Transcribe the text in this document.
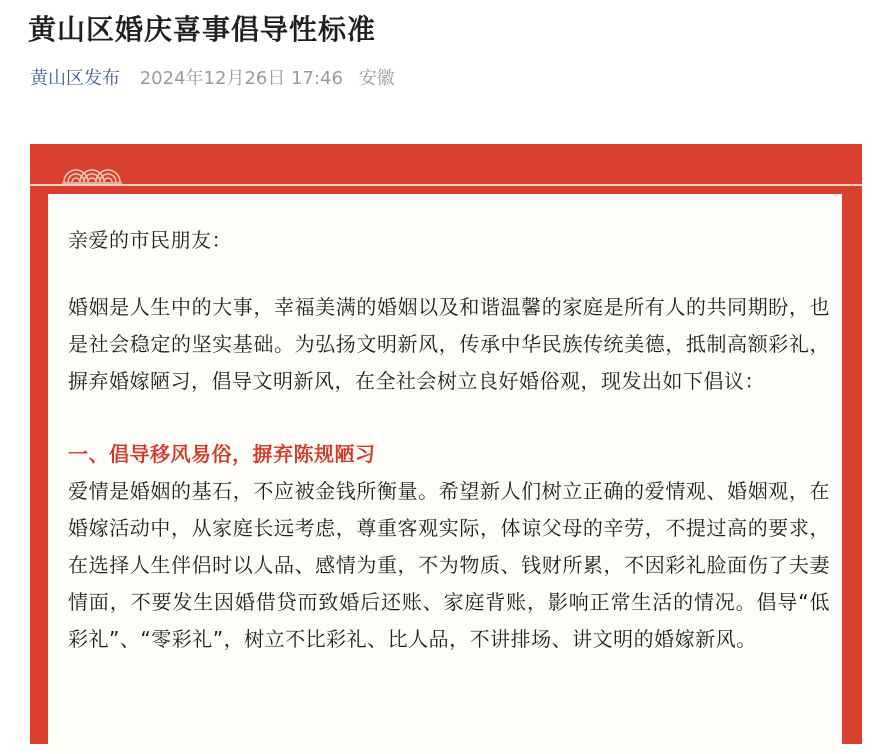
黄山区婚庆喜事倡导性标准
黄山区发布 2024年12月26日 17:46 安徽

亲爱的市民朋友：

婚姻是人生中的大事，幸福美满的婚姻以及和谐温馨的家庭是所有人的共同期盼，也是社会稳定的坚实基础。为弘扬文明新风，传承中华民族传统美德，抵制高额彩礼，摒弃婚嫁陋习，倡导文明新风，在全社会树立良好婚俗观，现发出如下倡议：

一、倡导移风易俗，摒弃陈规陋习

爱情是婚姻的基石，不应被金钱所衡量。希望新人们树立正确的爱情观、婚姻观，在婚嫁活动中，从家庭长远考虑，尊重客观实际，体谅父母的辛劳，不提过高的要求，在选择人生伴侣时以人品、感情为重，不为物质、钱财所累，不因彩礼脸面伤了夫妻情面，不要发生因婚借贷而致婚后还账、家庭背账，影响正常生活的情况。倡导“低彩礼”、“零彩礼”，树立不比彩礼、比人品，不讲排场、讲文明的婚嫁新风。
